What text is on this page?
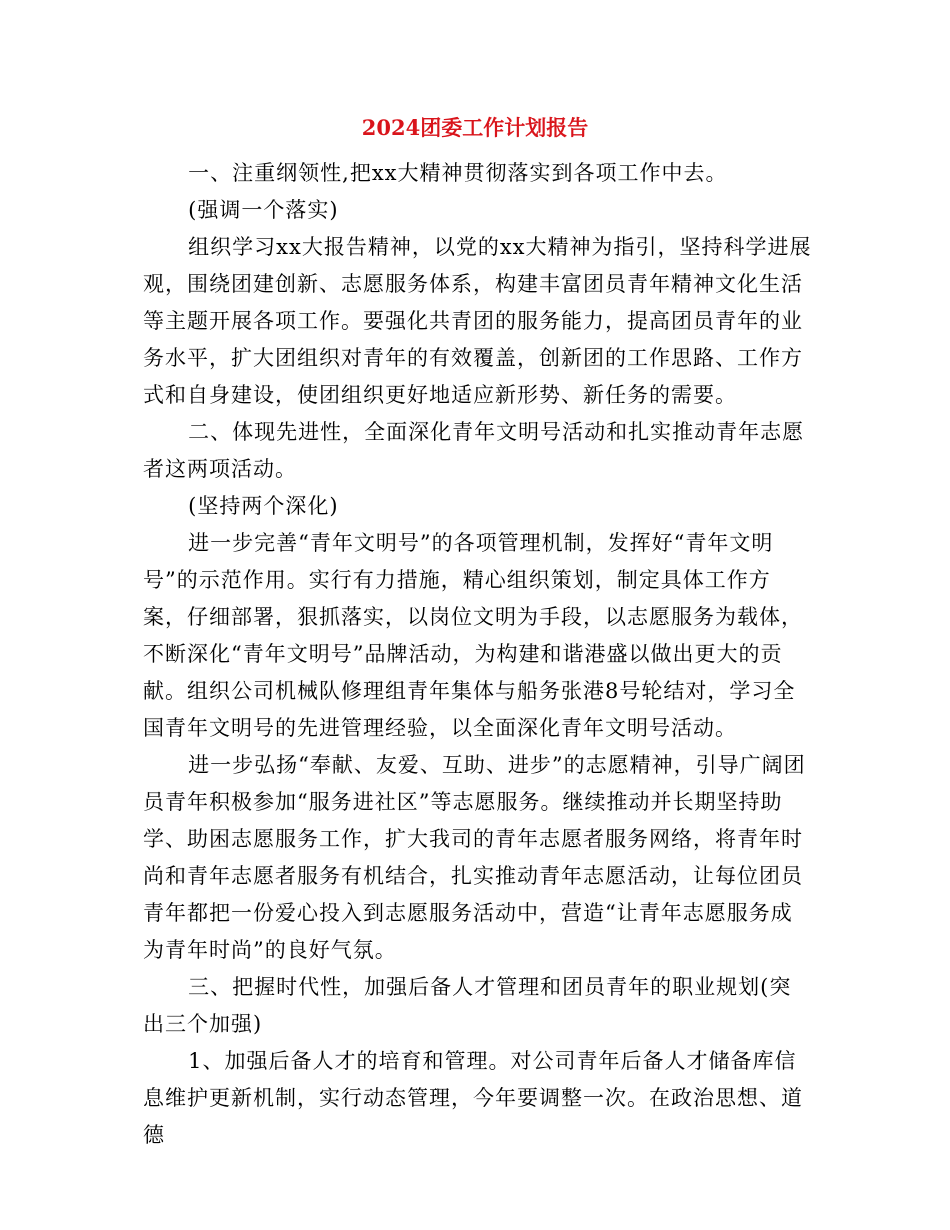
2024团委工作计划报告

一、注重纲领性,把xx大精神贯彻落实到各项工作中去。

(强调一个落实)

组织学习xx大报告精神，以党的xx大精神为指引，坚持科学进展观，围绕团建创新、志愿服务体系，构建丰富团员青年精神文化生活等主题开展各项工作。要强化共青团的服务能力，提高团员青年的业务水平，扩大团组织对青年的有效覆盖，创新团的工作思路、工作方式和自身建设，使团组织更好地适应新形势、新任务的需要。

二、体现先进性，全面深化青年文明号活动和扎实推动青年志愿者这两项活动。

(坚持两个深化)

进一步完善“青年文明号”的各项管理机制，发挥好“青年文明号”的示范作用。实行有力措施，精心组织策划，制定具体工作方案，仔细部署，狠抓落实，以岗位文明为手段，以志愿服务为载体，不断深化“青年文明号”品牌活动，为构建和谐港盛以做出更大的贡献。组织公司机械队修理组青年集体与船务张港8号轮结对，学习全国青年文明号的先进管理经验，以全面深化青年文明号活动。

进一步弘扬“奉献、友爱、互助、进步”的志愿精神，引导广阔团员青年积极参加“服务进社区”等志愿服务。继续推动并长期坚持助学、助困志愿服务工作，扩大我司的青年志愿者服务网络，将青年时尚和青年志愿者服务有机结合，扎实推动青年志愿活动，让每位团员青年都把一份爱心投入到志愿服务活动中，营造“让青年志愿服务成为青年时尚”的良好气氛。

三、把握时代性，加强后备人才管理和团员青年的职业规划(突出三个加强)

1、加强后备人才的培育和管理。对公司青年后备人才储备库信息维护更新机制，实行动态管理，今年要调整一次。在政治思想、道德
